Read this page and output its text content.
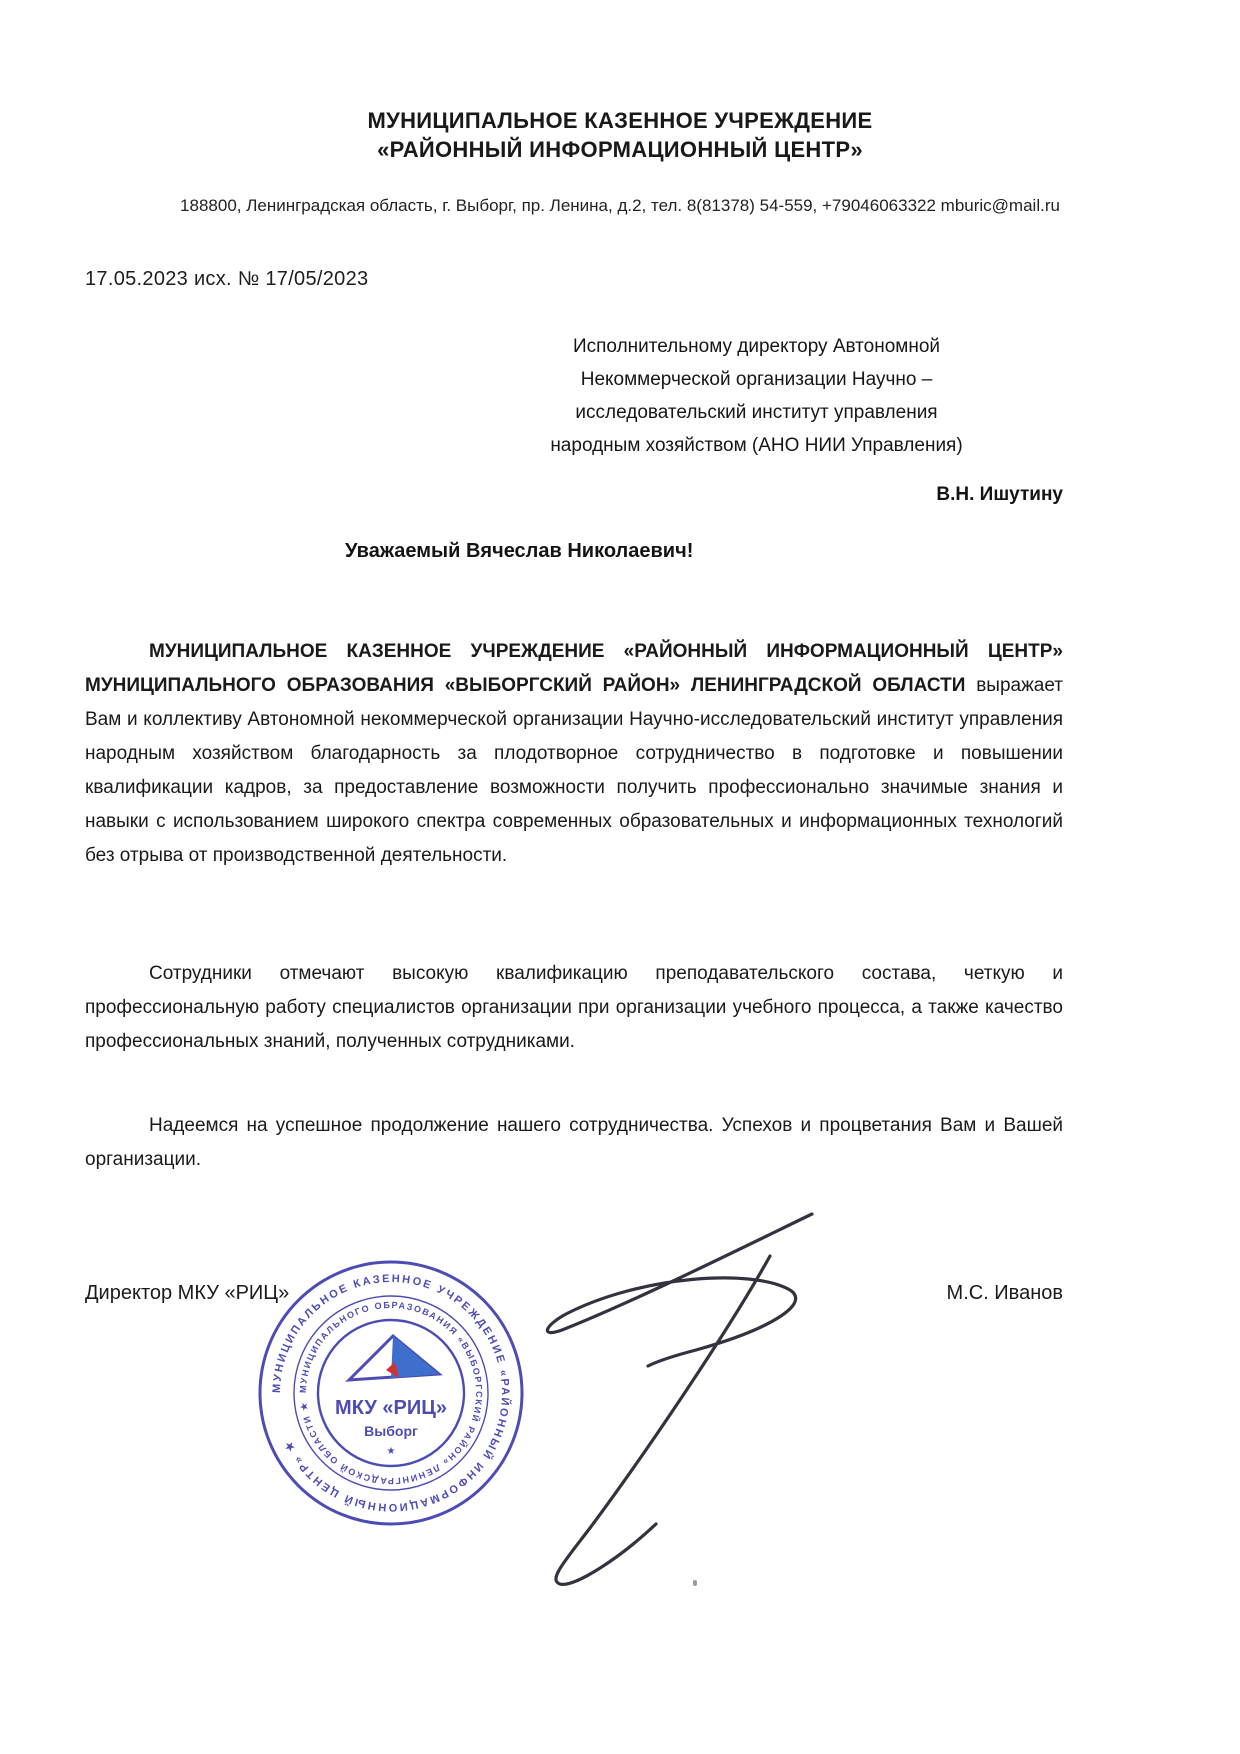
МУНИЦИПАЛЬНОЕ КАЗЕННОЕ УЧРЕЖДЕНИЕ
«РАЙОННЫЙ ИНФОРМАЦИОННЫЙ ЦЕНТР»
188800, Ленинградская область, г. Выборг, пр. Ленина, д.2, тел. 8(81378) 54-559, +79046063322 mburic@mail.ru
17.05.2023 исх. № 17/05/2023
Исполнительному директору Автономной
Некоммерческой организации Научно –
исследовательский институт управления
народным хозяйством (АНО НИИ Управления)
В.Н. Ишутину
Уважаемый Вячеслав Николаевич!

МУНИЦИПАЛЬНОЕ КАЗЕННОЕ УЧРЕЖДЕНИЕ «РАЙОННЫЙ ИНФОРМАЦИОННЫЙ ЦЕНТР» МУНИЦИПАЛЬНОГО ОБРАЗОВАНИЯ «ВЫБОРГСКИЙ РАЙОН» ЛЕНИНГРАДСКОЙ ОБЛАСТИ выражает Вам и коллективу Автономной некоммерческой организации Научно-исследовательский институт управления народным хозяйством благодарность за плодотворное сотрудничество в подготовке и повышении квалификации кадров, за предоставление возможности получить профессионально значимые знания и навыки с использованием широкого спектра современных образовательных и информационных технологий без отрыва от производственной деятельности.

Сотрудники отмечают высокую квалификацию преподавательского состава, четкую и профессиональную работу специалистов организации при организации учебного процесса, а также качество профессиональных знаний, полученных сотрудниками.

Надеемся на успешное продолжение нашего сотрудничества. Успехов и процветания Вам и Вашей организации.

Директор МКУ «РИЦ»	М.С. Иванов
МУНИЦИПАЛЬНОЕ КАЗЕННОЕ УЧРЕЖДЕНИЕ «РАЙОННЫЙ ИНФОРМАЦИОННЫЙ ЦЕНТР» ★
МУНИЦИПАЛЬНОГО ОБРАЗОВАНИЯ «ВЫБОРГСКИЙ РАЙОН» ЛЕНИНГРАДСКОЙ ОБЛАСТИ ★	МКУ «РИЦ»
Выборг
★
